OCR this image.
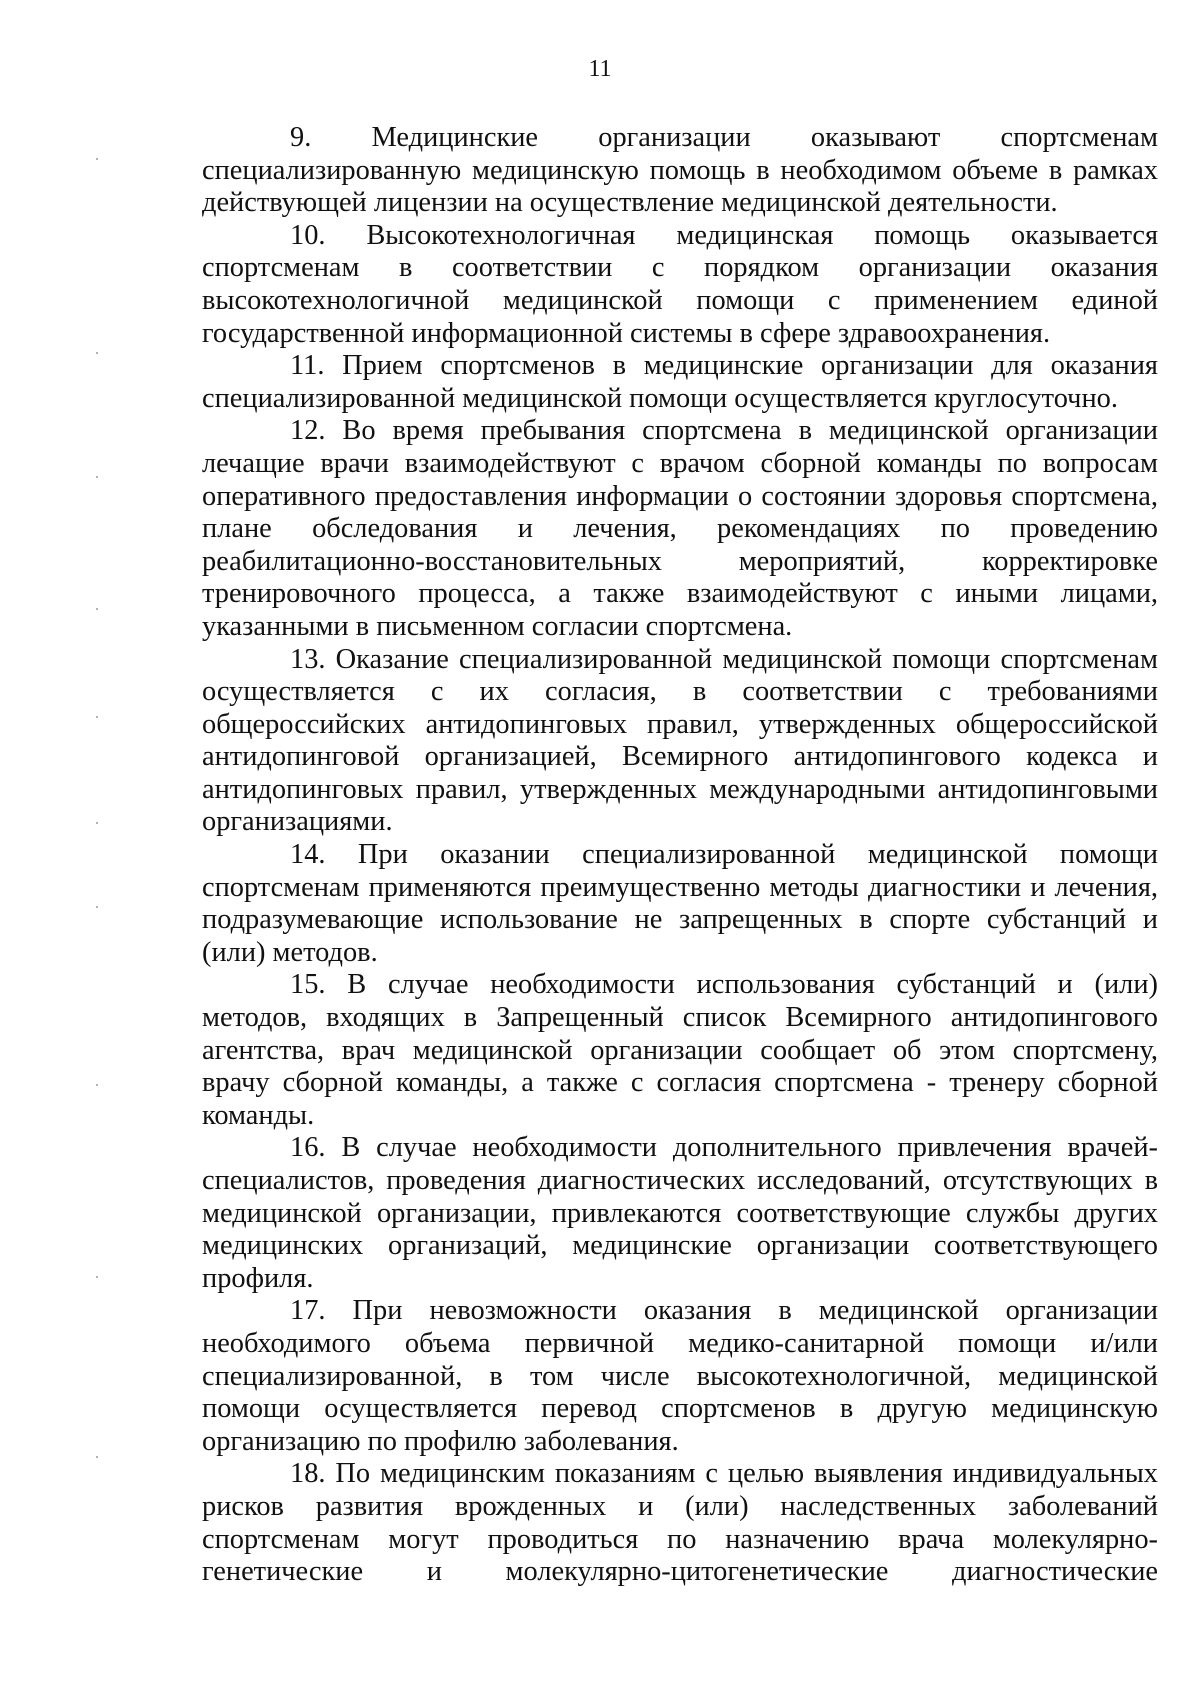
11

9. Медицинские организации оказывают спортсменам специализированную медицинскую помощь в необходимом объеме в рамках действующей лицензии на осуществление медицинской деятельности.

10. Высокотехнологичная медицинская помощь оказывается спортсменам в соответствии с порядком организации оказания высокотехнологичной медицинской помощи с применением единой государственной информационной системы в сфере здравоохранения.

11. Прием спортсменов в медицинские организации для оказания специализированной медицинской помощи осуществляется круглосуточно.

12. Во время пребывания спортсмена в медицинской организации лечащие врачи взаимодействуют с врачом сборной команды по вопросам оперативного предоставления информации о состоянии здоровья спортсмена, плане обследования и лечения, рекомендациях по проведению реабилитационно-восстановительных мероприятий, корректировке тренировочного процесса, а также взаимодействуют с иными лицами, указанными в письменном согласии спортсмена.

13. Оказание специализированной медицинской помощи спортсменам осуществляется с их согласия, в соответствии с требованиями общероссийских антидопинговых правил, утвержденных общероссийской антидопинговой организацией, Всемирного антидопингового кодекса и антидопинговых правил, утвержденных международными антидопинговыми организациями.

14. При оказании специализированной медицинской помощи спортсменам применяются преимущественно методы диагностики и лечения, подразумевающие использование не запрещенных в спорте субстанций и (или) методов.

15. В случае необходимости использования субстанций и (или) методов, входящих в Запрещенный список Всемирного антидопингового агентства, врач медицинской организации сообщает об этом спортсмену, врачу сборной команды, а также с согласия спортсмена - тренеру сборной команды.

16. В случае необходимости дополнительного привлечения врачей-специалистов, проведения диагностических исследований, отсутствующих в медицинской организации, привлекаются соответствующие службы других медицинских организаций, медицинские организации соответствующего профиля.

17. При невозможности оказания в медицинской организации необходимого объема первичной медико-санитарной помощи и/или специализированной, в том числе высокотехнологичной, медицинской помощи осуществляется перевод спортсменов в другую медицинскую организацию по профилю заболевания.

18. По медицинским показаниям с целью выявления индивидуальных рисков развития врожденных и (или) наследственных заболеваний спортсменам могут проводиться по назначению врача молекулярно-генетические и молекулярно-цитогенетические диагностические
